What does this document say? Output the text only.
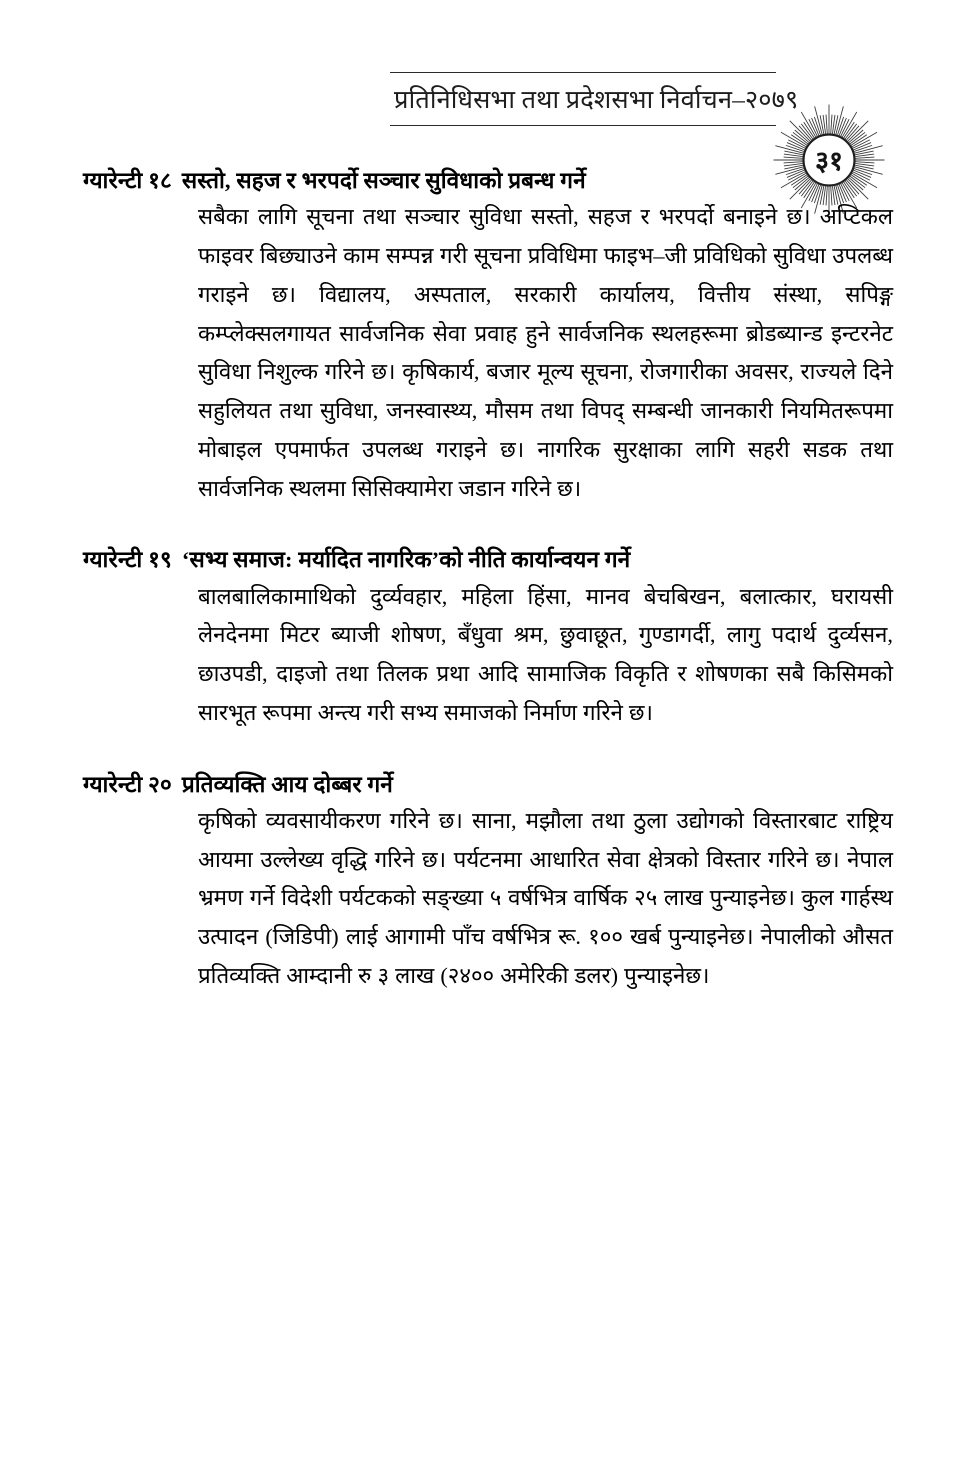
प्रतिनिधिसभा तथा प्रदेशसभा निर्वाचन–२०७९
३१
ग्यारेन्टी १८ सस्तो, सहज र भरपर्दो सञ्चार सुविधाको प्रबन्ध गर्ने

सबैका लागि सूचना तथा सञ्चार सुविधा सस्तो, सहज र भरपर्दो बनाइने छ। अप्टिकल फाइवर बिछ्याउने काम सम्पन्न गरी सूचना प्रविधिमा फाइभ–जी प्रविधिको सुविधा उपलब्ध गराइने छ। विद्यालय, अस्पताल, सरकारी कार्यालय, वित्तीय संस्था, सपिङ्ग कम्प्लेक्सलगायत सार्वजनिक सेवा प्रवाह हुने सार्वजनिक स्थलहरूमा ब्रोडब्यान्ड इन्टरनेट सुविधा निशुल्क गरिने छ। कृषिकार्य, बजार मूल्य सूचना, रोजगारीका अवसर, राज्यले दिने सहुलियत तथा सुविधा, जनस्वास्थ्य, मौसम तथा विपद् सम्बन्धी जानकारी नियमितरूपमा मोबाइल एपमार्फत उपलब्ध गराइने छ। नागरिक सुरक्षाका लागि सहरी सडक तथा सार्वजनिक स्थलमा सिसिक्यामेरा जडान गरिने छ।

ग्यारेन्टी १९ ‘सभ्य समाज: मर्यादित नागरिक’को नीति कार्यान्वयन गर्ने

बालबालिकामाथिको दुर्व्यवहार, महिला हिंसा, मानव बेचबिखन, बलात्कार, घरायसी लेनदेनमा मिटर ब्याजी शोषण, बँधुवा श्रम, छुवाछूत, गुण्डागर्दी, लागु पदार्थ दुर्व्यसन, छाउपडी, दाइजो तथा तिलक प्रथा आदि सामाजिक विकृति र शोषणका सबै किसिमको सारभूत रूपमा अन्त्य गरी सभ्य समाजको निर्माण गरिने छ।

ग्यारेन्टी २० प्रतिव्यक्ति आय दोब्बर गर्ने

कृषिको व्यवसायीकरण गरिने छ। साना, मझौला तथा ठुला उद्योगको विस्तारबाट राष्ट्रिय आयमा उल्लेख्य वृद्धि गरिने छ। पर्यटनमा आधारित सेवा क्षेत्रको विस्तार गरिने छ। नेपाल भ्रमण गर्ने विदेशी पर्यटकको सङ्ख्या ५ वर्षभित्र वार्षिक २५ लाख पुन्याइनेछ। कुल गार्हस्थ उत्पादन (जिडिपी) लाई आगामी पाँच वर्षभित्र रू. १०० खर्ब पुन्याइनेछ। नेपालीको औसत प्रतिव्यक्ति आम्दानी रु ३ लाख (२४०० अमेरिकी डलर) पुन्याइनेछ।
